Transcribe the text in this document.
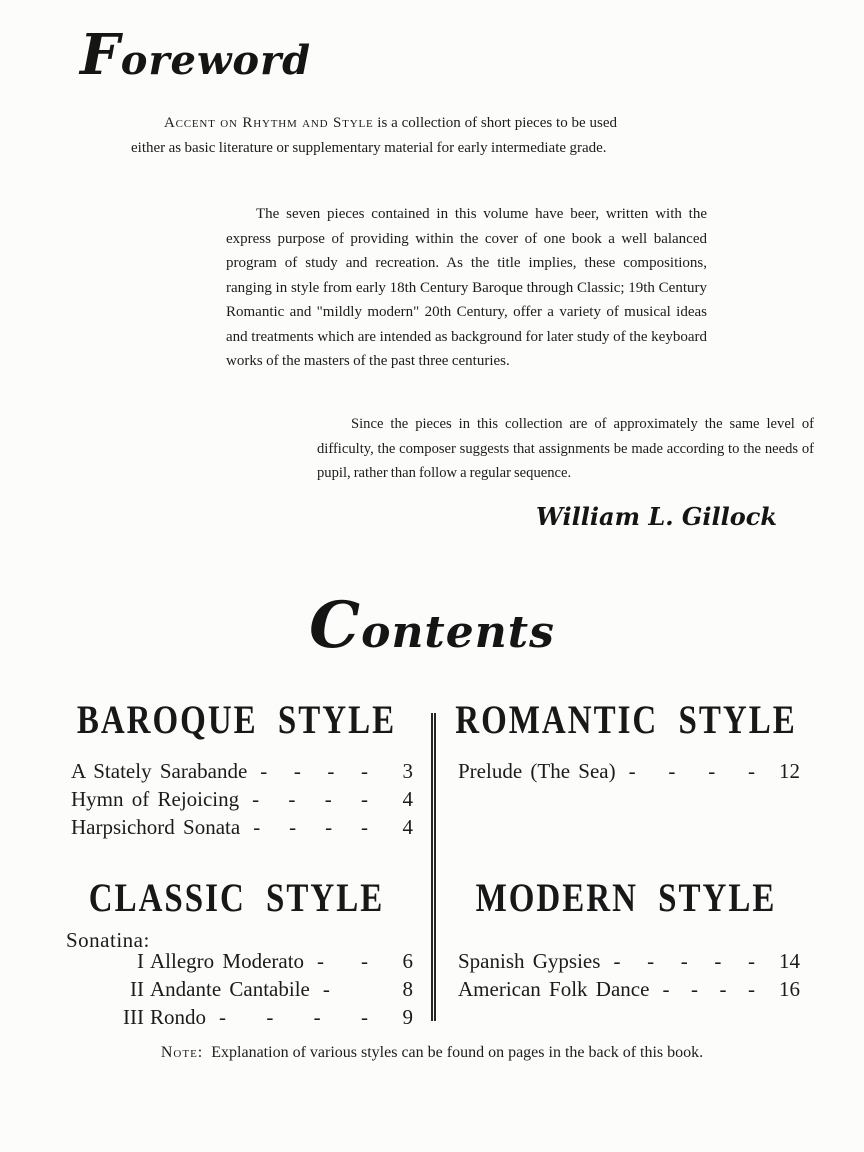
Foreword

Accent on Rhythm and Style is a collection of short pieces to be used either as basic literature or supplementary material for early intermediate grade.

The seven pieces contained in this volume have beer, written with the express purpose of providing within the cover of one book a well balanced program of study and recreation. As the title implies, these compositions, ranging in style from early 18th Century Baroque through Classic; 19th Century Romantic and "mildly modern" 20th Century, offer a variety of musical ideas and treatments which are intended as background for later study of the keyboard works of the masters of the past three centuries.

Since the pieces in this collection are of approximately the same level of difficulty, the composer suggests that assignments be made according to the needs of pupil, rather than follow a regular sequence.

William L. Gillock
Contents
BAROQUE STYLE
A Stately Sarabande - - - -	3
Hymn of Rejoicing - - - -	4
Harpsichord Sonata - - - -	4
ROMANTIC STYLE
Prelude (The Sea) - - - -	12
CLASSIC STYLE
Sonatina:
I Allegro Moderato - -	6
II Andante Cantabile -	8
III Rondo - - - -	9
MODERN STYLE
Spanish Gypsies - - - - -	14
American Folk Dance - - - -	16
Note: Explanation of various styles can be found on pages in the back of this book.
